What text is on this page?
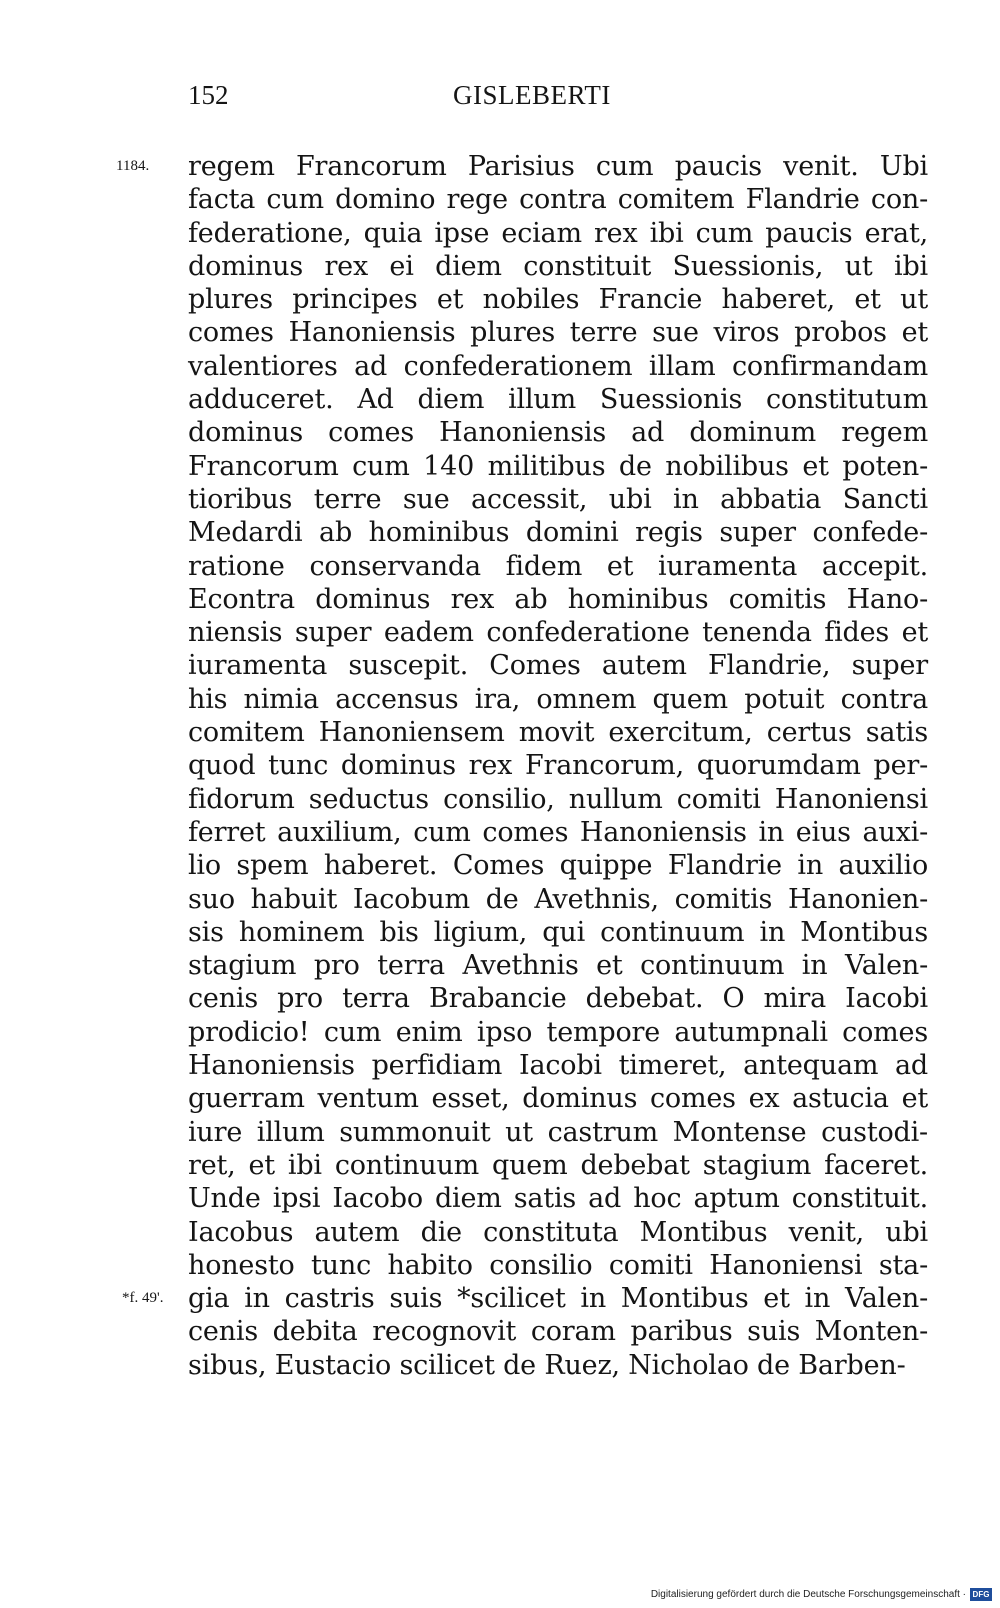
152	GISLEBERTI
1184.
*f. 49'.
regem Francorum Parisius cum paucis venit. Ubi
facta cum domino rege contra comitem Flandrie con-
federatione, quia ipse eciam rex ibi cum paucis erat,
dominus rex ei diem constituit Suessionis, ut ibi
plures principes et nobiles Francie haberet, et ut
comes Hanoniensis plures terre sue viros probos et
valentiores ad confederationem illam confirmandam
adduceret. Ad diem illum Suessionis constitutum
dominus comes Hanoniensis ad dominum regem
Francorum cum 140 militibus de nobilibus et poten-
tioribus terre sue accessit, ubi in abbatia Sancti
Medardi ab hominibus domini regis super confede-
ratione conservanda fidem et iuramenta accepit.
Econtra dominus rex ab hominibus comitis Hano-
niensis super eadem confederatione tenenda fides et
iuramenta suscepit. Comes autem Flandrie, super
his nimia accensus ira, omnem quem potuit contra
comitem Hanoniensem movit exercitum, certus satis
quod tunc dominus rex Francorum, quorumdam per-
fidorum seductus consilio, nullum comiti Hanoniensi
ferret auxilium, cum comes Hanoniensis in eius auxi-
lio spem haberet. Comes quippe Flandrie in auxilio
suo habuit Iacobum de Avethnis, comitis Hanonien-
sis hominem bis ligium, qui continuum in Montibus
stagium pro terra Avethnis et continuum in Valen-
cenis pro terra Brabancie debebat. O mira Iacobi
prodicio! cum enim ipso tempore autumpnali comes
Hanoniensis perfidiam Iacobi timeret, antequam ad
guerram ventum esset, dominus comes ex astucia et
iure illum summonuit ut castrum Montense custodi-
ret, et ibi continuum quem debebat stagium faceret.
Unde ipsi Iacobo diem satis ad hoc aptum constituit.
Iacobus autem die constituta Montibus venit, ubi
honesto tunc habito consilio comiti Hanoniensi sta-
gia in castris suis *scilicet in Montibus et in Valen-
cenis debita recognovit coram paribus suis Monten-
sibus, Eustacio scilicet de Ruez, Nicholao de Barben-
Digitalisierung gefördert durch die Deutsche Forschungsgemeinschaft · DFG
